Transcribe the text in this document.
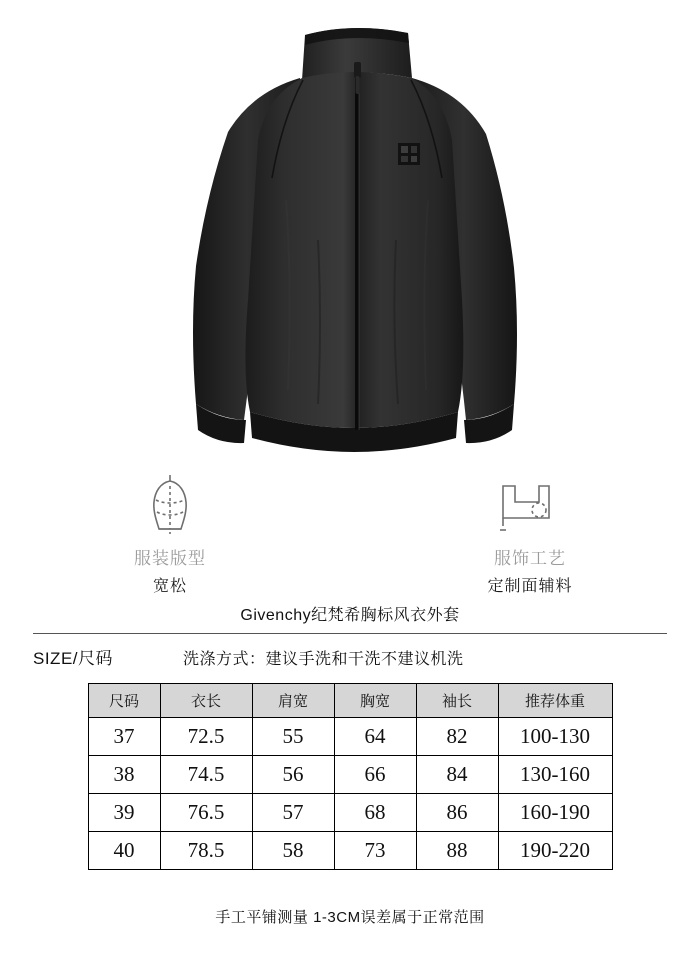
服装版型
宽松
服饰工艺
定制面辅料
Givenchy纪梵希胸标风衣外套
SIZE/尺码	洗涤方式：建议手洗和干洗不建议机洗
尺码	衣长	肩宽	胸宽	袖长	推荐体重
37	72.5	55	64	82	100-130
38	74.5	56	66	84	130-160
39	76.5	57	68	86	160-190
40	78.5	58	73	88	190-220
手工平铺测量 1-3CM误差属于正常范围
